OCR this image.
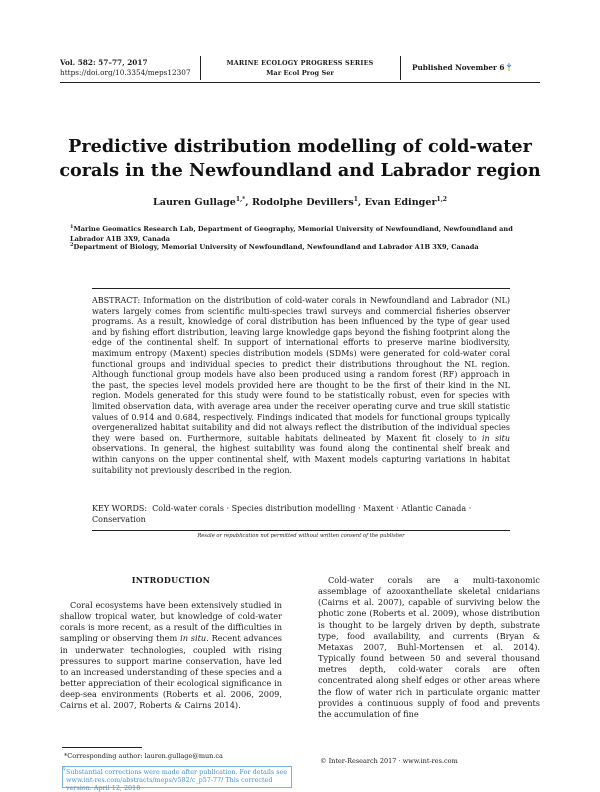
Vol. 582: 57–77, 2017
https://doi.org/10.3354/meps12307
MARINE ECOLOGY PROGRESS SERIES
Mar Ecol Prog Ser
Published November 6
Predictive distribution modelling of cold-water
corals in the Newfoundland and Labrador region
Lauren Gullage$^{1,*}$, Rodolphe Devillers$^1$, Evan Edinger$^{1,2}$
$^1$Marine Geomatics Research Lab, Department of Geography, Memorial University of Newfoundland, Newfoundland and Labrador A1B 3X9, Canada
$^2$Department of Biology, Memorial University of Newfoundland, Newfoundland and Labrador A1B 3X9, Canada
ABSTRACT: Information on the distribution of cold-water corals in Newfoundland and Labrador (NL) waters largely comes from scientific multi-species trawl surveys and commercial fisheries observer programs. As a result, knowledge of coral distribution has been influenced by the type of gear used and by fishing effort distribution, leaving large knowledge gaps beyond the fishing footprint along the edge of the continental shelf. In support of international efforts to preserve marine biodiversity, maximum entropy (Maxent) species distribution models (SDMs) were generated for cold-water coral functional groups and individual species to predict their distributions throughout the NL region. Although functional group models have also been produced using a random forest (RF) approach in the past, the species level models provided here are thought to be the first of their kind in the NL region. Models generated for this study were found to be statistically robust, even for species with limited observation data, with average area under the receiver operating curve and true skill statistic values of 0.914 and 0.684, respectively. Findings indicated that models for functional groups typically overgeneralized habitat suitability and did not always reflect the distribution of the individual species they were based on. Furthermore, suitable habitats delineated by Maxent fit closely to in situ observations. In general, the highest suitability was found along the continental shelf break and within canyons on the upper continental shelf, with Maxent models capturing variations in habitat suitability not previously described in the region.
KEY WORDS: Cold-water corals · Species distribution modelling · Maxent · Atlantic Canada · Conservation
Resale or republication not permitted without written consent of the publisher
INTRODUCTION

Coral ecosystems have been extensively studied in shallow tropical water, but knowledge of cold-water corals is more recent, as a result of the difficulties in sampling or observing them in situ. Recent advances in underwater technologies, coupled with rising pressures to support marine conservation, have led to an increased understanding of these species and a better appreciation of their ecological significance in deep-sea environments (Roberts et al. 2006, 2009, Cairns et al. 2007, Roberts & Cairns 2014).

Cold-water corals are a multi-taxonomic assemblage of azooxanthellate skeletal cnidarians (Cairns et al. 2007), capable of surviving below the photic zone (Roberts et al. 2009), whose distribution is thought to be largely driven by depth, substrate type, food availability, and currents (Bryan & Metaxas 2007, Buhl-Mortensen et al. 2014). Typically found between 50 and several thousand metres depth, cold-water corals are often concentrated along shelf edges or other areas where the flow of water rich in particulate organic matter provides a continuous supply of food and prevents the accumulation of fine

*Corresponding author: lauren.gullage@mun.ca
© Inter-Research 2017 · www.int-res.com
§ Substantial corrections were made after publication. For details see www.int-res.com/abstracts/meps/v582/c_p57-77/ This corrected version: April 12, 2018
